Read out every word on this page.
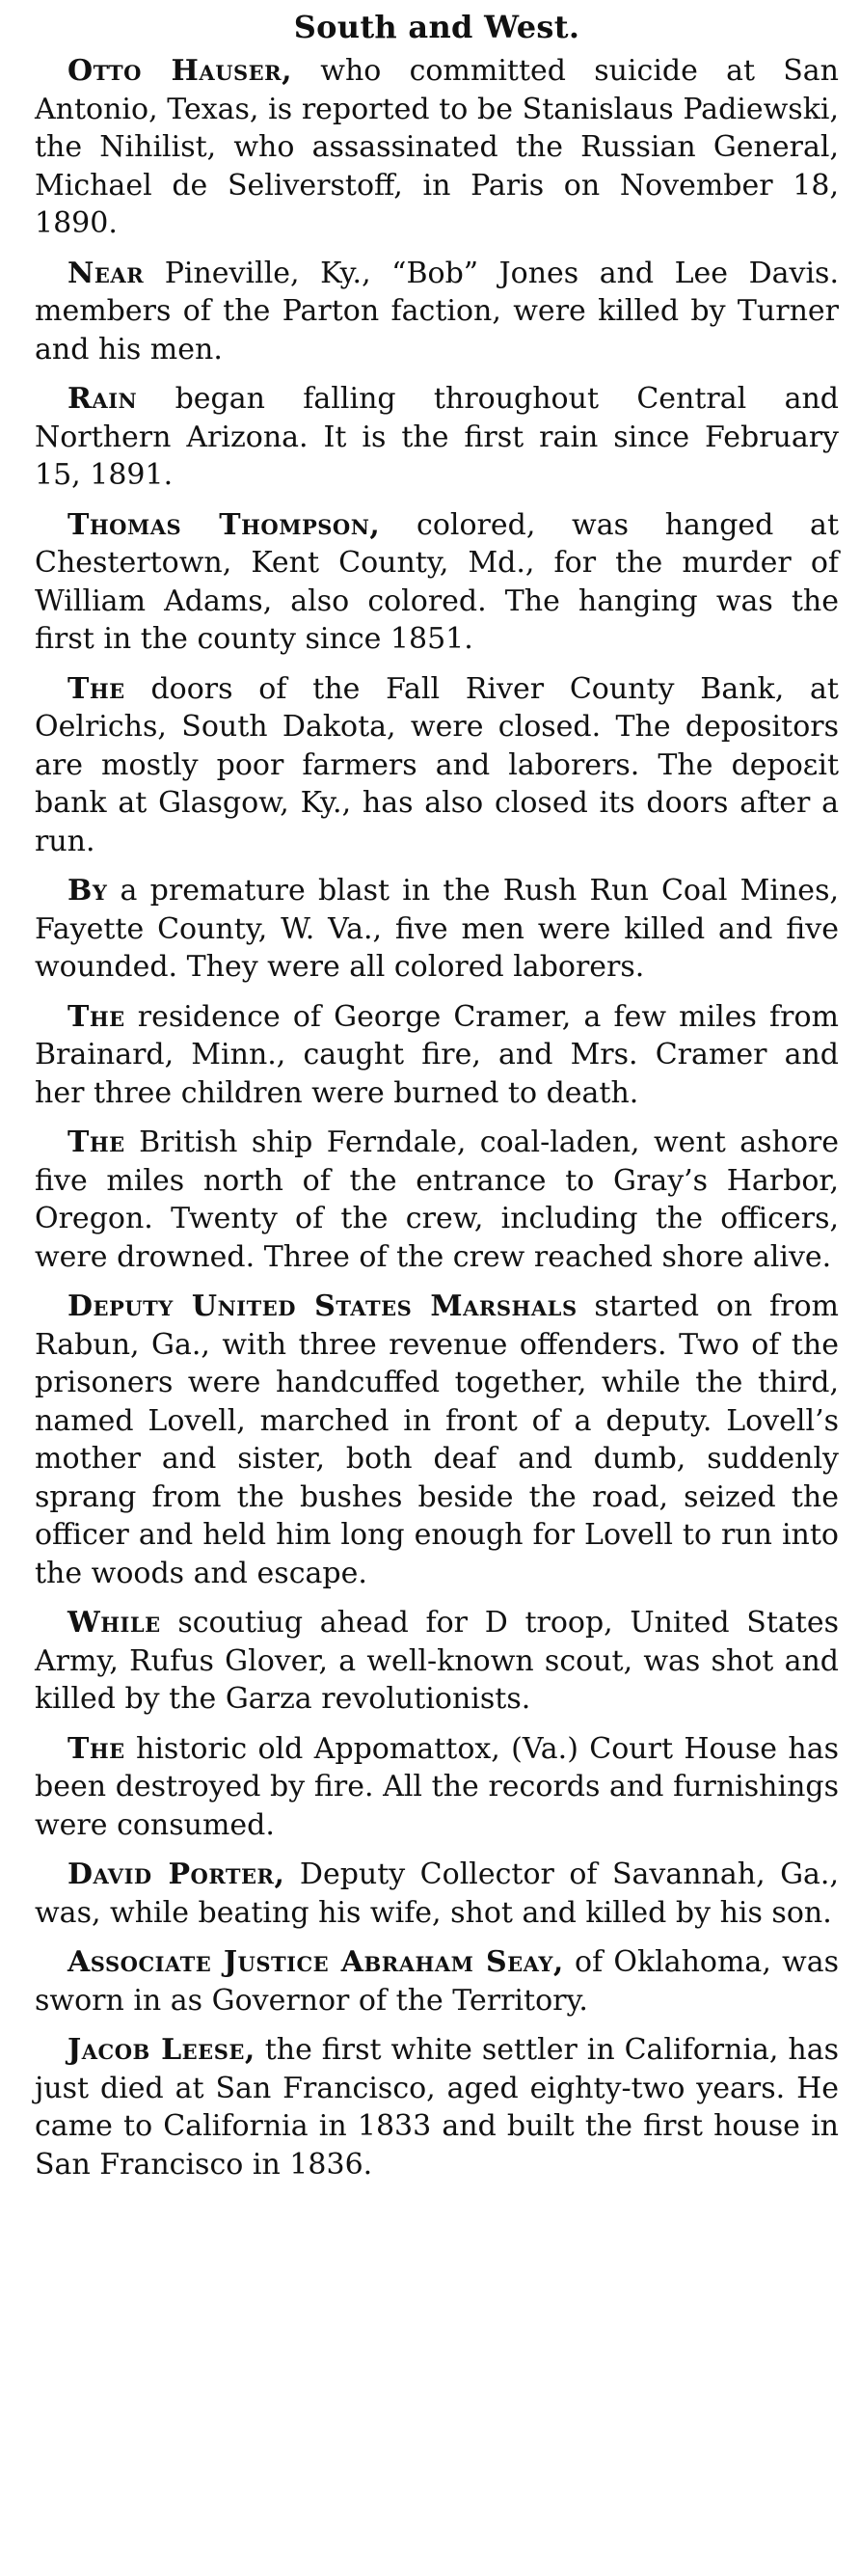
South and West.

Otto Hauser, who committed suicide at San Antonio, Texas, is reported to be Stanislaus Padiewski, the Nihilist, who assassinated the Russian General, Michael de Seliverstoff, in Paris on November 18, 1890.

Near Pineville, Ky., “Bob” Jones and Lee Davis. members of the Parton faction, were killed by Turner and his men.

Rain began falling throughout Central and Northern Arizona. It is the first rain since February 15, 1891.

Thomas Thompson, colored, was hanged at Chestertown, Kent County, Md., for the murder of William Adams, also colored. The hanging was the first in the county since 1851.

The doors of the Fall River County Bank, at Oelrichs, South Dakota, were closed. The depositors are mostly poor farmers and laborers. The depoεit bank at Glasgow, Ky., has also closed its doors after a run.

By a premature blast in the Rush Run Coal Mines, Fayette County, W. Va., five men were killed and five wounded. They were all colored laborers.

The residence of George Cramer, a few miles from Brainard, Minn., caught fire, and Mrs. Cramer and her three children were burned to death.

The British ship Ferndale, coal-laden, went ashore five miles north of the entrance to Gray’s Harbor, Oregon. Twenty of the crew, including the officers, were drowned. Three of the crew reached shore alive.

Deputy United States Marshals started on from Rabun, Ga., with three revenue offenders. Two of the prisoners were handcuffed together, while the third, named Lovell, marched in front of a deputy. Lovell’s mother and sister, both deaf and dumb, suddenly sprang from the bushes beside the road, seized the officer and held him long enough for Lovell to run into the woods and escape.

While scoutiug ahead for D troop, United States Army, Rufus Glover, a well-known scout, was shot and killed by the Garza revolutionists.

The historic old Appomattox, (Va.) Court House has been destroyed by fire. All the records and furnishings were consumed.

David Porter, Deputy Collector of Savannah, Ga., was, while beating his wife, shot and killed by his son.

Associate Justice Abraham Seay, of Oklahoma, was sworn in as Governor of the Territory.

Jacob Leese, the first white settler in California, has just died at San Francisco, aged eighty-two years. He came to California in 1833 and built the first house in San Francisco in 1836.
